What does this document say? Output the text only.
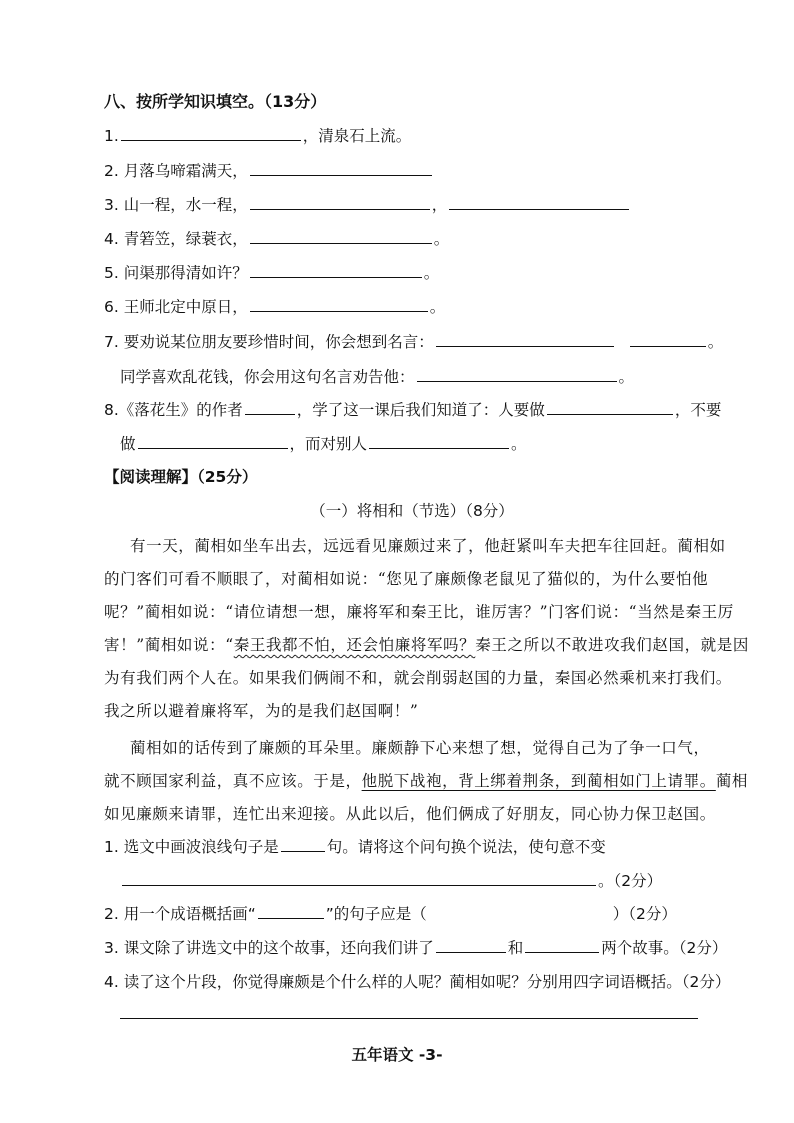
八、按所学知识填空。（13分）
1.	，清泉石上流。
2. 月落乌啼霜满天，
3. 山一程，水一程，	，
4. 青箬笠，绿蓑衣，	。
5. 问渠那得清如许？	。
6. 王师北定中原日，	。
7. 要劝说某位朋友要珍惜时间，你会想到名言：	。
同学喜欢乱花钱，你会用这句名言劝告他：	。
8.《落花生》的作者	，学了这一课后我们知道了：人要做	，不要
做	，而对别人	。
【阅读理解】（25分）
（一）将相和（节选）（8分）
有一天，蔺相如坐车出去，远远看见廉颇过来了，他赶紧叫车夫把车往回赶。蔺相如
的门客们可看不顺眼了，对蔺相如说：“您见了廉颇像老鼠见了猫似的，为什么要怕他
呢？”蔺相如说：“请位请想一想，廉将军和秦王比，谁厉害？”门客们说：“当然是秦王厉
害！”蔺相如说：“秦王我都不怕，还会怕廉将军吗？秦王之所以不敢进攻我们赵国，就是因
为有我们两个人在。如果我们俩闹不和，就会削弱赵国的力量，秦国必然乘机来打我们。
我之所以避着廉将军，为的是我们赵国啊！”
蔺相如的话传到了廉颇的耳朵里。廉颇静下心来想了想，觉得自己为了争一口气，
就不顾国家利益，真不应该。于是，他脱下战袍，背上绑着荆条，到蔺相如门上请罪。蔺相
如见廉颇来请罪，连忙出来迎接。从此以后，他们俩成了好朋友，同心协力保卫赵国。
1. 选文中画波浪线句子是	句。请将这个问句换个说法，使句意不变
。（2分）
2. 用一个成语概括画“	”的句子应是（	）（2分）
3. 课文除了讲选文中的这个故事，还向我们讲了	和	两个故事。（2分）
4. 读了这个片段，你觉得廉颇是个什么样的人呢？蔺相如呢？分别用四字词语概括。（2分）
五年语文 -3-
